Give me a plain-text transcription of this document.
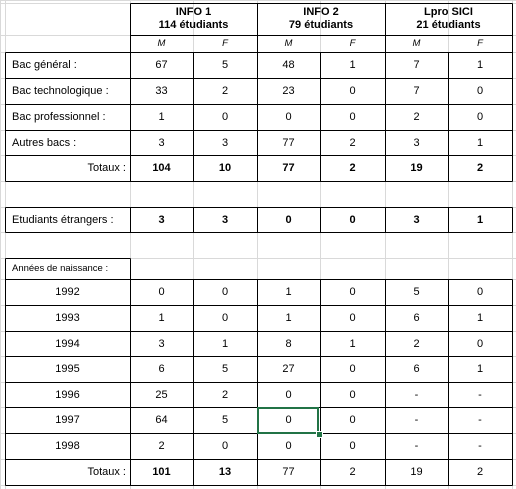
INFO 1
114 étudiants
INFO 2
79 étudiants
Lpro SICI
21 étudiants
M	F	M	F	M	F
Bac général :	67	5	48	1	7	1
Bac technologique :	33	2	23	0	7	0
Bac professionnel :	1	0	0	0	2	0
Autres bacs :	3	3	77	2	3	1
Totaux :	104	10	77	2	19	2
Etudiants étrangers :	3	3	0	0	3	1
Années de naissance :
1992	0	0	1	0	5	0
1993	1	0	1	0	6	1
1994	3	1	8	1	2	0
1995	6	5	27	0	6	1
1996	25	2	0	0	-	-
1997	64	5	0	0	-	-
1998	2	0	0	0	-	-
Totaux :	101	13	77	2	19	2
